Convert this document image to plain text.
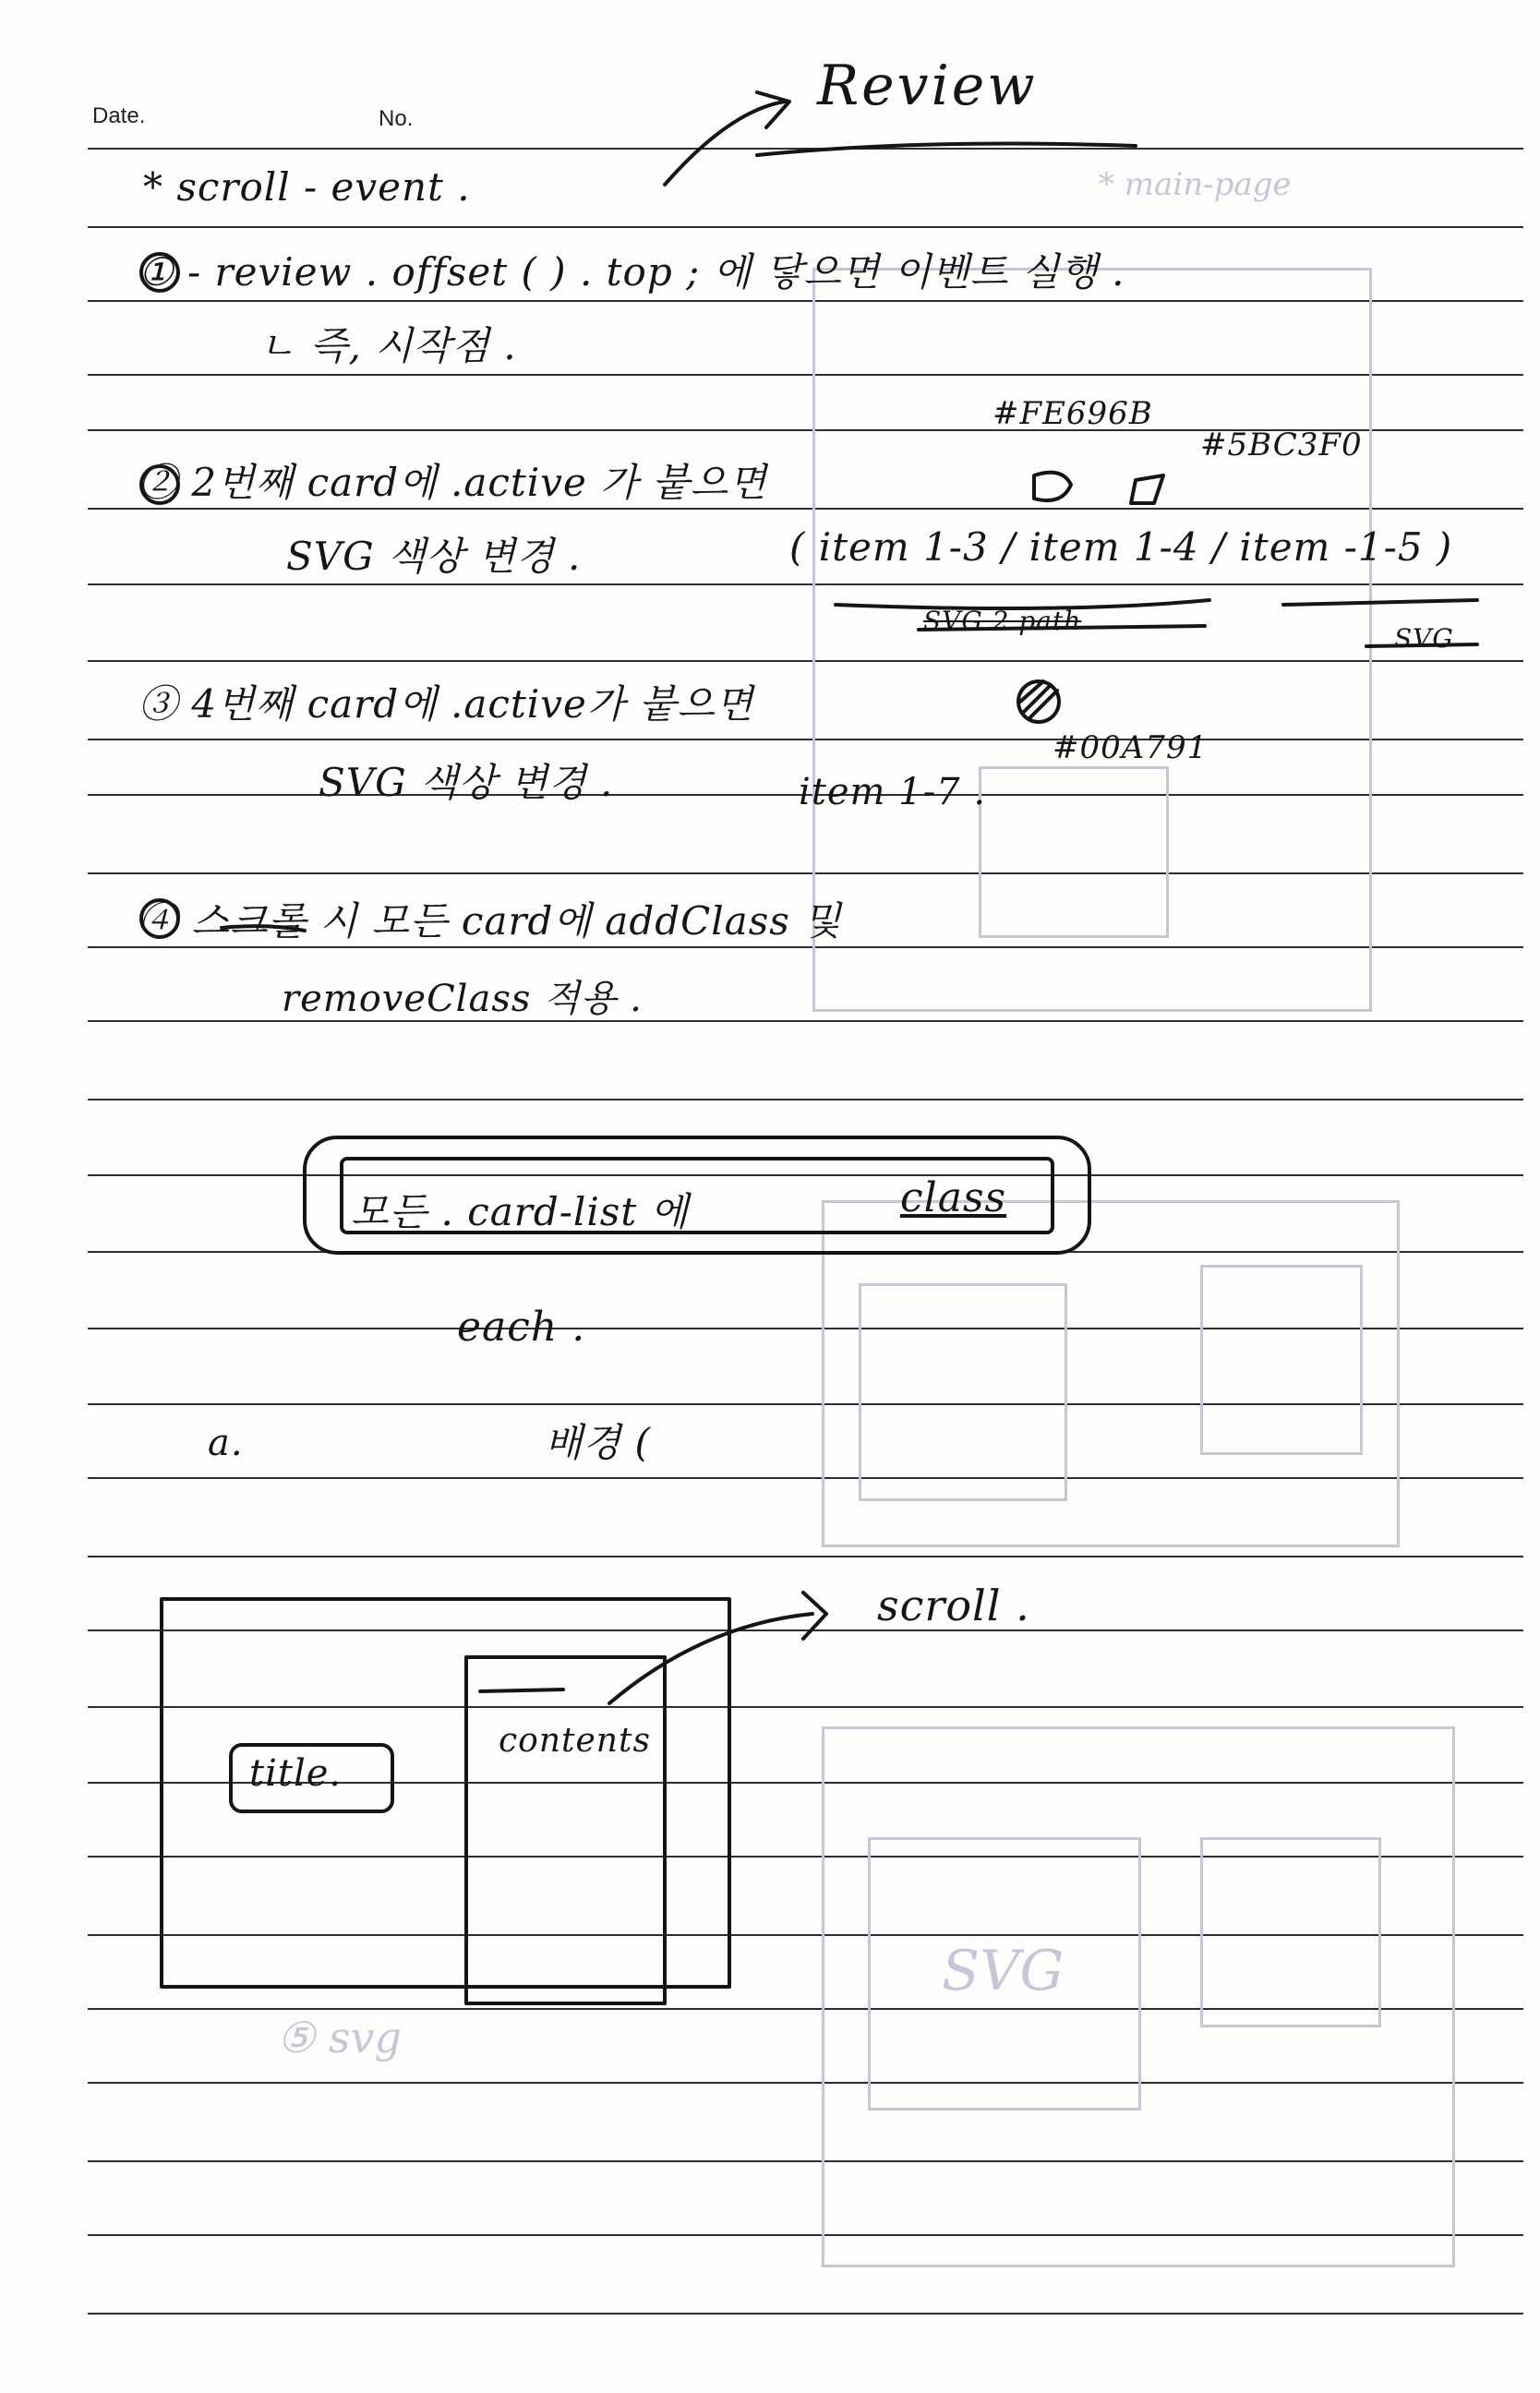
* main-page
SVG
⑤ svg
Date.	No.
Review
* scroll - event .
① - review . offset ( ) . top ; 에 닿으면 이벤트 실행 .
ㄴ 즉, 시작점 .
#FE696B
#5BC3F0
② 2번째 card에 .active 가 붙으면
SVG 색상 변경 .	( item 1-3 / item 1-4 / item -1-5 )
SVG 2 path
SVG
③ 4번째 card에 .active가 붙으면
#00A791
SVG 색상 변경 .	item 1-7 .
④ 스크롤 시 모든 card에 addClass 및
removeClass 적용 .
모든 . card-list 에	class
each .
a.	배경 (
scroll .
contents
title.
